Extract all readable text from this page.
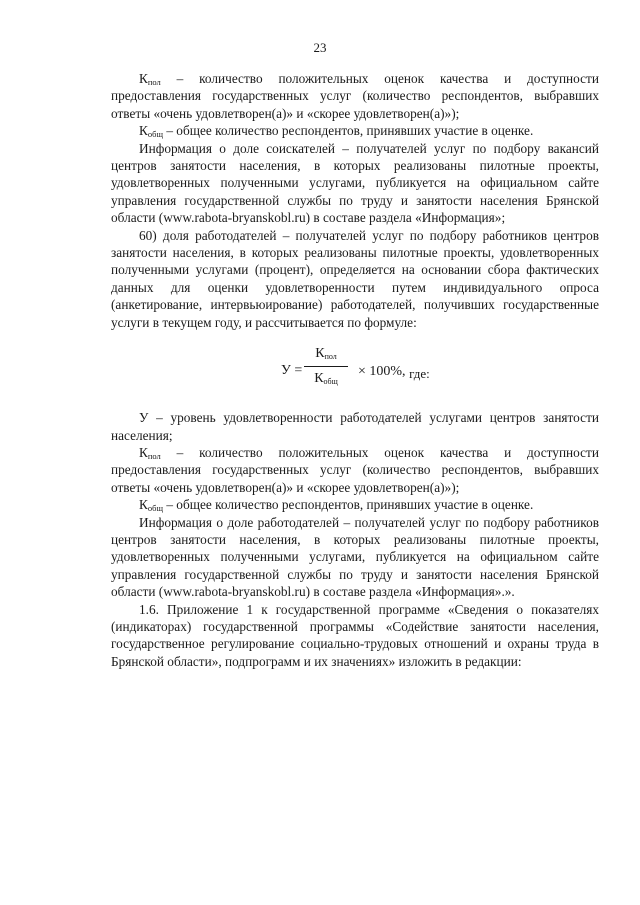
23

$К_{пол}$ – количество положительных оценок качества и доступности предоставления государственных услуг (количество респондентов, выбравших ответы «очень удовлетворен(а)» и «скорее удовлетворен(а)»);

$К_{общ}$ – общее количество респондентов, принявших участие в оценке.

Информация о доле соискателей – получателей услуг по подбору вакансий центров занятости населения, в которых реализованы пилотные проекты, удовлетворенных полученными услугами, публикуется на официальном сайте управления государственной службы по труду и занятости населения Брянской области (www.rabota-bryanskobl.ru) в составе раздела «Информация»;

60) доля работодателей – получателей услуг по подбору работников центров занятости населения, в которых реализованы пилотные проекты, удовлетворенных полученными услугами (процент), определяется на основании сбора фактических данных для оценки удовлетворенности путем индивидуального опроса (анкетирование, интервьюирование) работодателей, получивших государственные услуги в текущем году, и рассчитывается по формуле:

У =
$К_{пол}$
$К_{общ}$
× 100%, где:

У – уровень удовлетворенности работодателей услугами центров занятости населения;

$К_{пол}$ – количество положительных оценок качества и доступности предоставления государственных услуг (количество респондентов, выбравших ответы «очень удовлетворен(а)» и «скорее удовлетворен(а)»);

$К_{общ}$ – общее количество респондентов, принявших участие в оценке.

Информация о доле работодателей – получателей услуг по подбору работников центров занятости населения, в которых реализованы пилотные проекты, удовлетворенных полученными услугами, публикуется на официальном сайте управления государственной службы по труду и занятости населения Брянской области (www.rabota-bryanskobl.ru) в составе раздела «Информация».».

1.6. Приложение 1 к государственной программе «Сведения о показателях (индикаторах) государственной программы «Содействие занятости населения, государственное регулирование социально-трудовых отношений и охраны труда в Брянской области», подпрограмм и их значениях» изложить в редакции:
